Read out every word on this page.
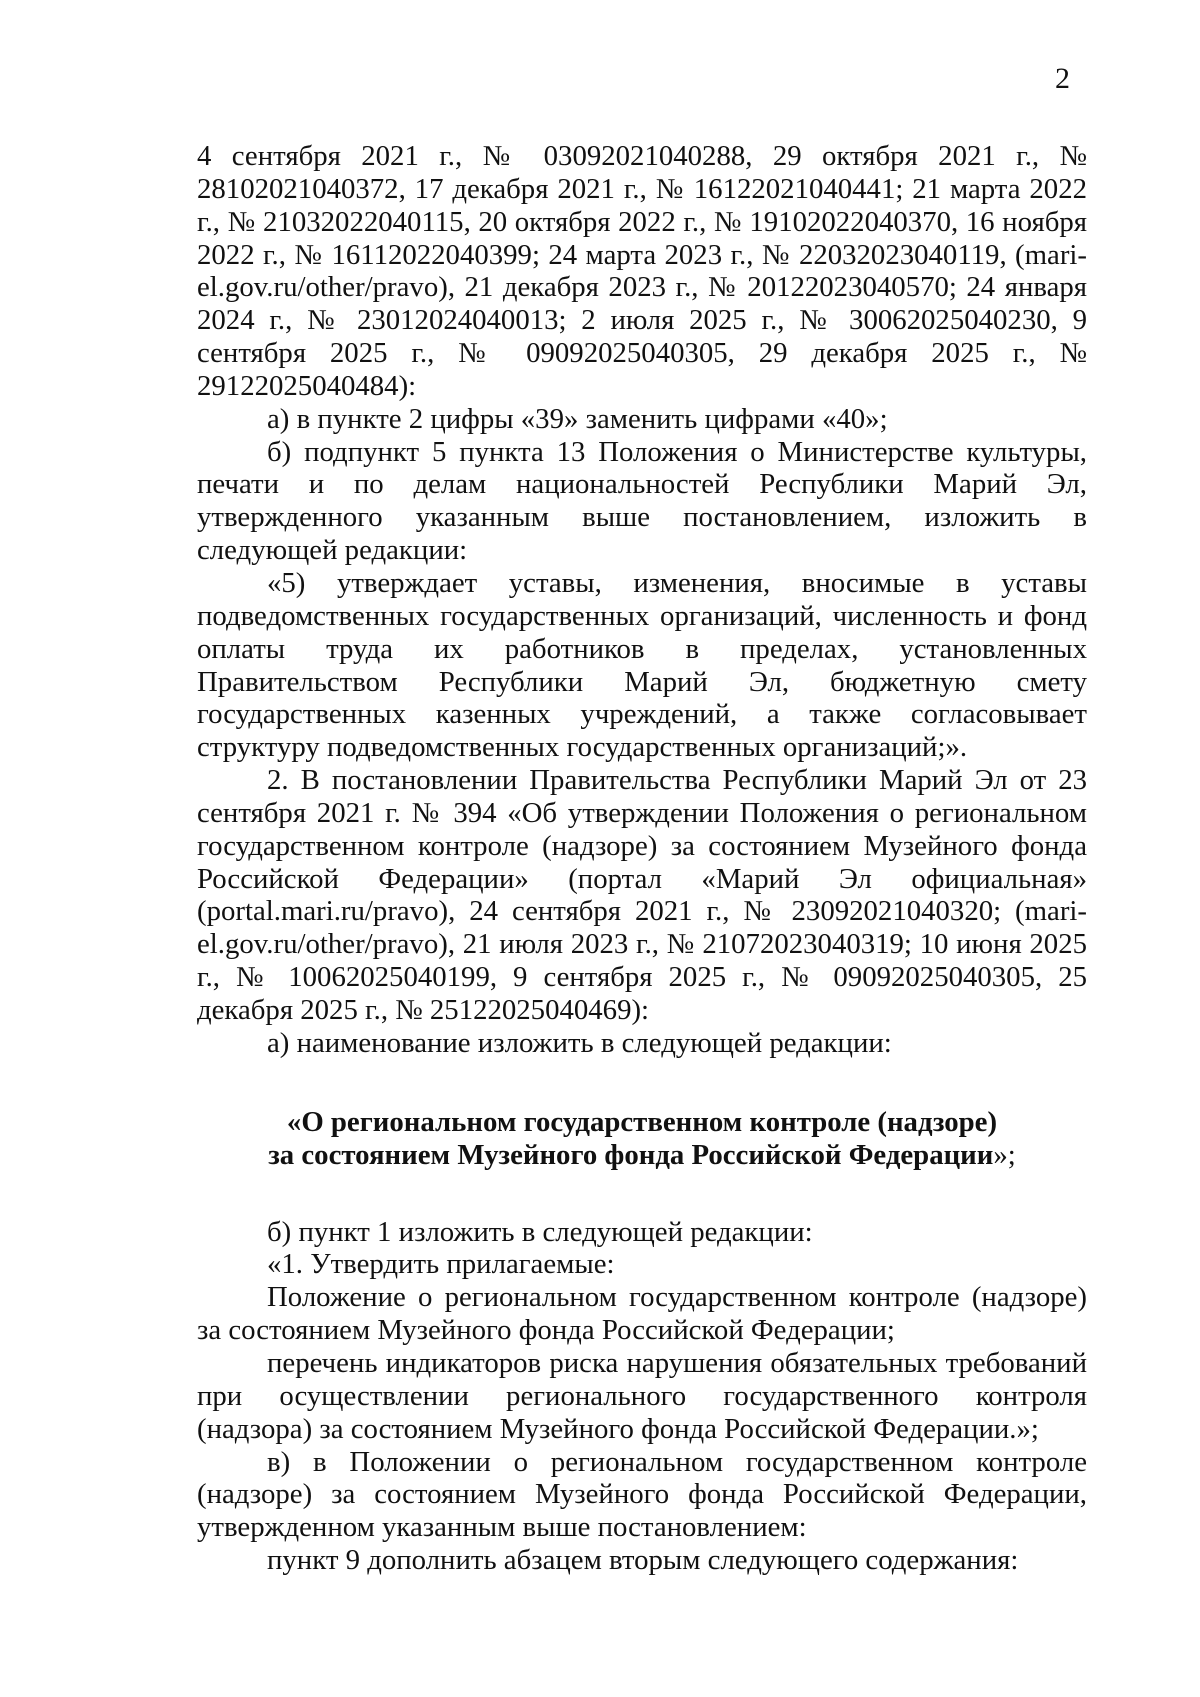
2

4 сентября 2021 г., № 03092021040288, 29 октября 2021 г., № 28102021040372, 17 декабря 2021 г., № 16122021040441; 21 марта 2022 г., № 21032022040115, 20 октября 2022 г., № 19102022040370, 16 ноября 2022 г., № 16112022040399; 24 марта 2023 г., № 22032023040119, (mari-el.gov.ru/other/pravo), 21 декабря 2023 г., № 20122023040570; 24 января 2024 г., № 23012024040013; 2 июля 2025 г., № 30062025040230, 9 сентября 2025 г., № 09092025040305, 29 декабря 2025 г., № 29122025040484):

а) в пункте 2 цифры «39» заменить цифрами «40»;

б) подпункт 5 пункта 13 Положения о Министерстве культуры, печати и по делам национальностей Республики Марий Эл, утвержденного указанным выше постановлением, изложить в следующей редакции:

«5) утверждает уставы, изменения, вносимые в уставы подведомственных государственных организаций, численность и фонд оплаты труда их работников в пределах, установленных Правительством Республики Марий Эл, бюджетную смету государственных казенных учреждений, а также согласовывает структуру подведомственных государственных организаций;».

2. В постановлении Правительства Республики Марий Эл от 23 сентября 2021 г. № 394 «Об утверждении Положения о региональном государственном контроле (надзоре) за состоянием Музейного фонда Российской Федерации» (портал «Марий Эл официальная» (portal.mari.ru/pravo), 24 сентября 2021 г., № 23092021040320; (mari-el.gov.ru/other/pravo), 21 июля 2023 г., № 21072023040319; 10 июня 2025 г., № 10062025040199, 9 сентября 2025 г., № 09092025040305, 25 декабря 2025 г., № 25122025040469):

а) наименование изложить в следующей редакции:

«О региональном государственном контроле (надзоре)
за состоянием Музейного фонда Российской Федерации»;

б) пункт 1 изложить в следующей редакции:

«1. Утвердить прилагаемые:

Положение о региональном государственном контроле (надзоре) за состоянием Музейного фонда Российской Федерации;

перечень индикаторов риска нарушения обязательных требований при осуществлении регионального государственного контроля (надзора) за состоянием Музейного фонда Российской Федерации.»;

в) в Положении о региональном государственном контроле (надзоре) за состоянием Музейного фонда Российской Федерации, утвержденном указанным выше постановлением:

пункт 9 дополнить абзацем вторым следующего содержания:
